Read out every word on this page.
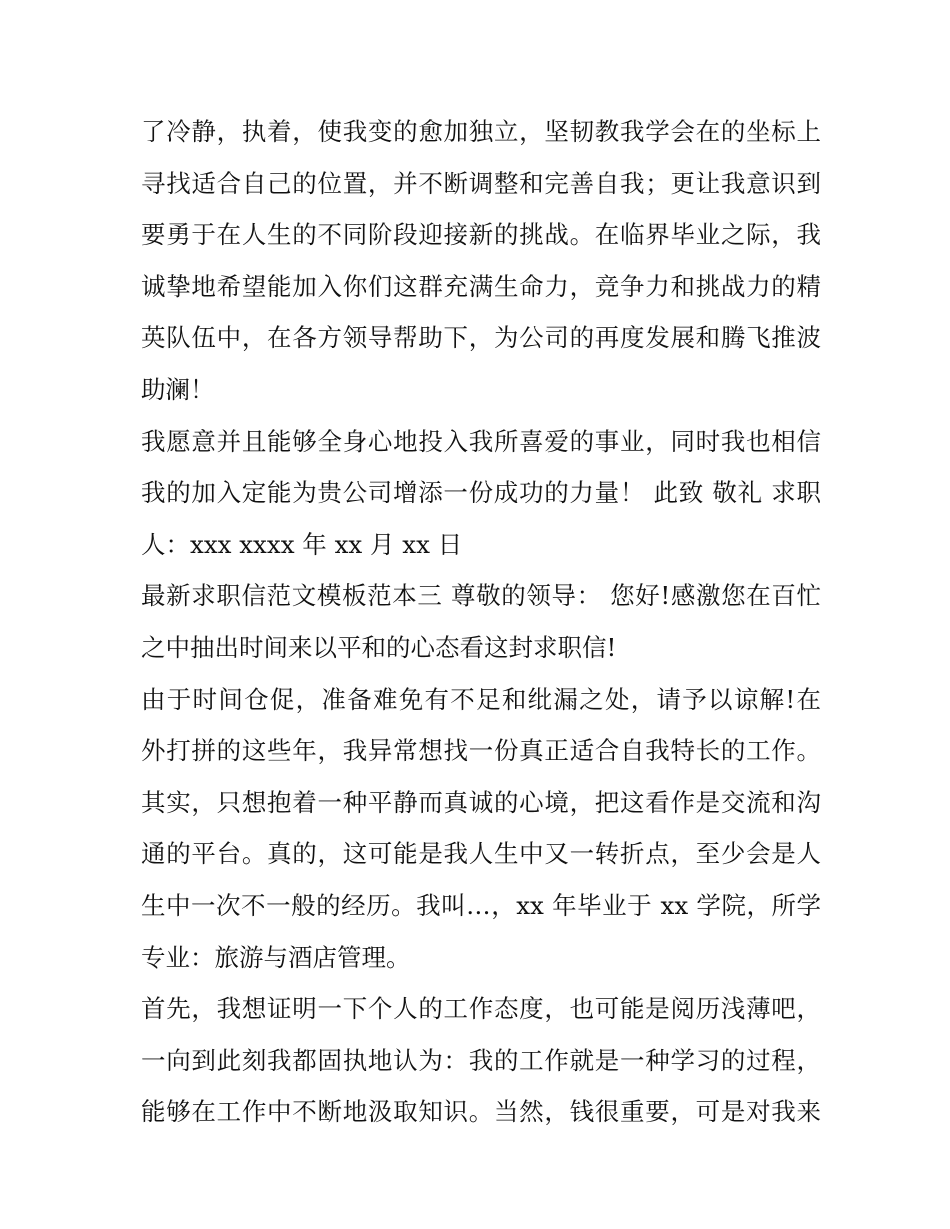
了冷静，执着，使我变的愈加独立，坚韧教我学会在的坐标上
寻找适合自己的位置，并不断调整和完善自我；更让我意识到
要勇于在人生的不同阶段迎接新的挑战。在临界毕业之际，我
诚挚地希望能加入你们这群充满生命力，竞争力和挑战力的精
英队伍中，在各方领导帮助下，为公司的再度发展和腾飞推波
助澜！
我愿意并且能够全身心地投入我所喜爱的事业，同时我也相信
我的加入定能为贵公司增添一份成功的力量！ 此致 敬礼 求职
人：xxx xxxx 年 xx 月 xx 日
最新求职信范文模板范本三 尊敬的领导： 您好!感激您在百忙
之中抽出时间来以平和的心态看这封求职信!
由于时间仓促，准备难免有不足和纰漏之处，请予以谅解!在
外打拼的这些年，我异常想找一份真正适合自我特长的工作。
其实，只想抱着一种平静而真诚的心境，把这看作是交流和沟
通的平台。真的，这可能是我人生中又一转折点，至少会是人
生中一次不一般的经历。我叫…，xx 年毕业于 xx 学院，所学
专业：旅游与酒店管理。
首先，我想证明一下个人的工作态度，也可能是阅历浅薄吧，
一向到此刻我都固执地认为：我的工作就是一种学习的过程，
能够在工作中不断地汲取知识。当然，钱很重要，可是对我来
